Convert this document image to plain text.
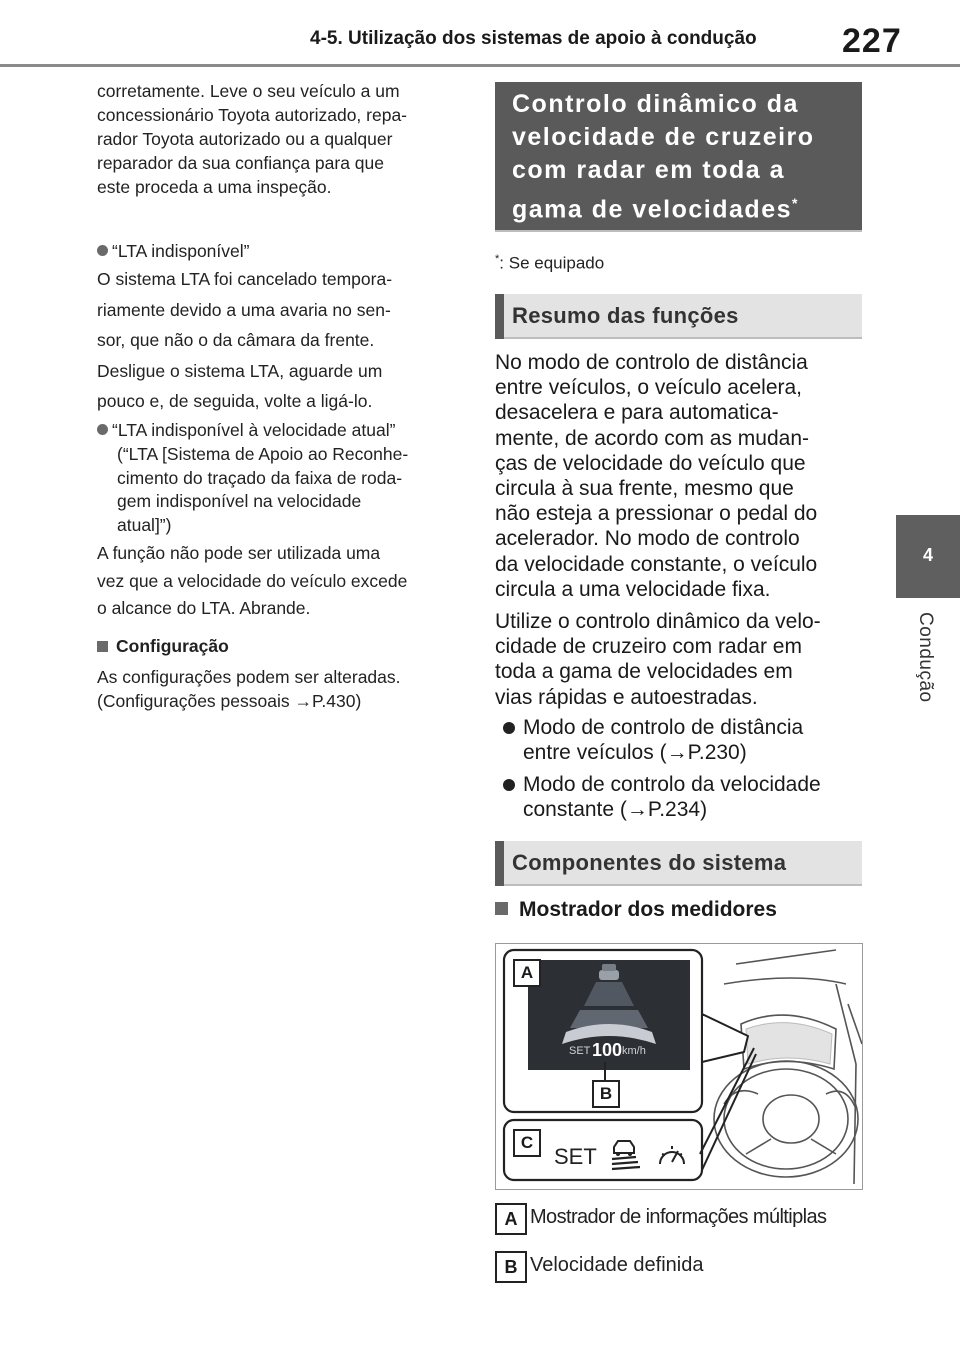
4-5. Utilização dos sistemas de apoio à condução	227
4
Condução

corretamente. Leve o seu veículo a um

concessionário Toyota autorizado, repa-

rador Toyota autorizado ou a qualquer

reparador da sua confiança para que

este proceda a uma inspeção.

“LTA indisponível”

O sistema LTA foi cancelado tempora-

riamente devido a uma avaria no sen-

sor, que não o da câmara da frente.

Desligue o sistema LTA, aguarde um

pouco e, de seguida, volte a ligá-lo.

“LTA indisponível à velocidade atual”

(“LTA [Sistema de Apoio ao Reconhe-

cimento do traçado da faixa de roda-

gem indisponível na velocidade

atual]”)

A função não pode ser utilizada uma

vez que a velocidade do veículo excede

o alcance do LTA. Abrande.

Configuração

As configurações podem ser alteradas.

(Configurações pessoais →P.430)

Controlo dinâmico da
velocidade de cruzeiro
com radar em toda a
gama de velocidades*
*: Se equipado
Resumo das funções

No modo de controlo de distância

entre veículos, o veículo acelera,

desacelera e para automatica-

mente, de acordo com as mudan-

ças de velocidade do veículo que

circula à sua frente, mesmo que

não esteja a pressionar o pedal do

acelerador. No modo de controlo

da velocidade constante, o veículo

circula a uma velocidade fixa.

Utilize o controlo dinâmico da velo-

cidade de cruzeiro com radar em

toda a gama de velocidades em

vias rápidas e autoestradas.

Modo de controlo de distância
entre veículos (→P.230)
Modo de controlo da velocidade
constante (→P.234)
Componentes do sistema
Mostrador dos medidores
SET 100 km/h
A
B
C
SET
A Mostrador de informações múltiplas
B Velocidade definida
